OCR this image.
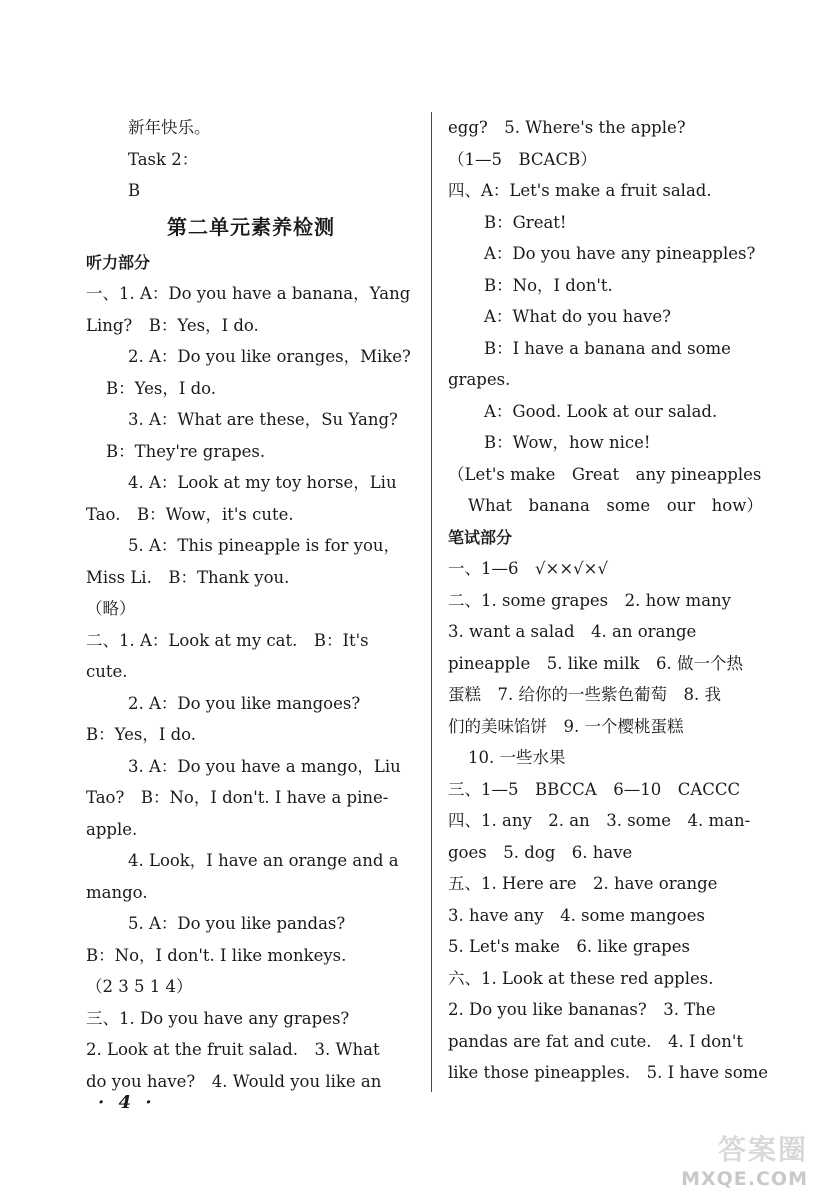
新年快乐。
Task 2：
B
第二单元素养检测
听力部分
一、1. A：Do you have a banana，Yang
Ling?　B：Yes，I do.
2. A：Do you like oranges，Mike?
B：Yes，I do.
3. A：What are these，Su Yang?
B：They're grapes.
4. A：Look at my toy horse，Liu
Tao.　B：Wow，it's cute.
5. A：This pineapple is for you，
Miss Li.　B：Thank you.
（略）
二、1. A：Look at my cat.　B：It's
cute.
2. A：Do you like mangoes?
B：Yes，I do.
3. A：Do you have a mango，Liu
Tao?　B：No，I don't. I have a pine-
apple.
4. Look，I have an orange and a
mango.
5. A：Do you like pandas?
B：No，I don't. I like monkeys.
（2 3 5 1 4）
三、1. Do you have any grapes?
2. Look at the fruit salad.　3. What
do you have?　4. Would you like an
egg?　5. Where's the apple?
（1—5　BCACB）
四、A：Let's make a fruit salad.
B：Great!
A：Do you have any pineapples?
B：No，I don't.
A：What do you have?
B：I have a banana and some
grapes.
A：Good. Look at our salad.
B：Wow，how nice!
（Let's make　Great　any pineapples
What　banana　some　our　how）
笔试部分
一、1—6　√××√×√
二、1. some grapes　2. how many
3. want a salad　4. an orange
pineapple　5. like milk　6. 做一个热
蛋糕　7. 给你的一些紫色葡萄　8. 我
们的美味馅饼　9. 一个樱桃蛋糕
10. 一些水果
三、1—5　BBCCA　6—10　CACCC
四、1. any　2. an　3. some　4. man-
goes　5. dog　6. have
五、1. Here are　2. have orange
3. have any　4. some mangoes
5. Let's make　6. like grapes
六、1. Look at these red apples.
2. Do you like bananas?　3. The
pandas are fat and cute.　4. I don't
like those pineapples.　5. I have some
· 4 ·
答案圈
MXQE.COM
